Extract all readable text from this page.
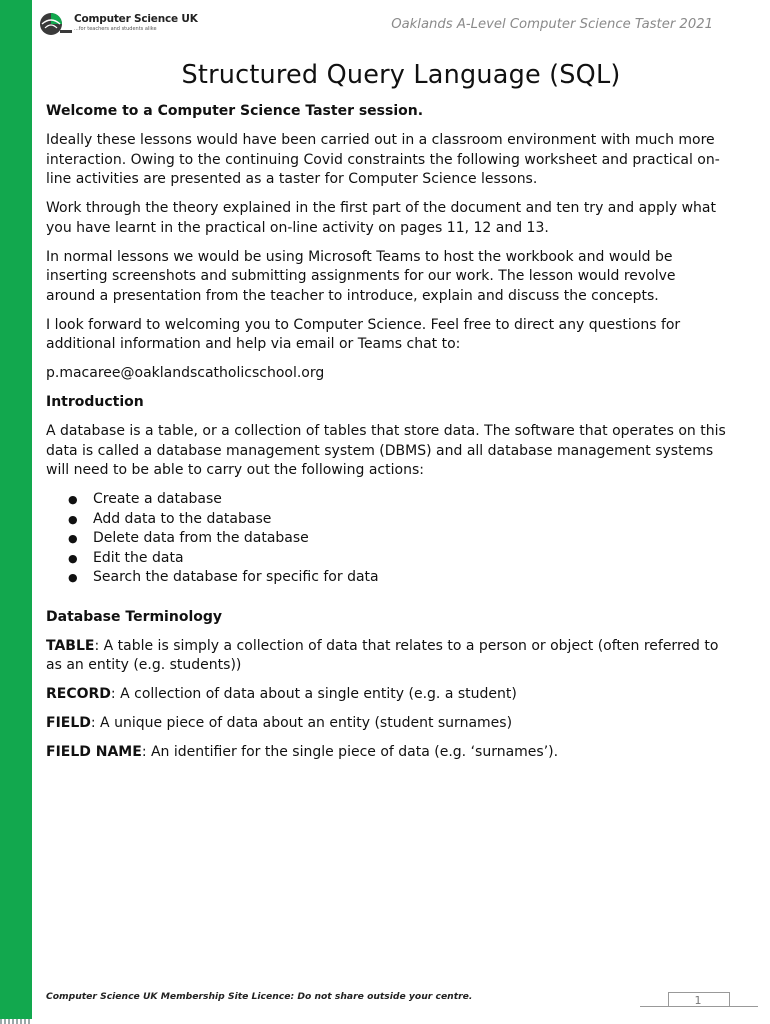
Computer Science UK
...for teachers and students alike	Oaklands A-Level Computer Science Taster 2021
Structured Query Language (SQL)

Welcome to a Computer Science Taster session.

Ideally these lessons would have been carried out in a classroom environment with much more interaction. Owing to the continuing Covid constraints the following worksheet and practical on-line activities are presented as a taster for Computer Science lessons.

Work through the theory explained in the first part of the document and ten try and apply what you have learnt in the practical on-line activity on pages 11, 12 and 13.

In normal lessons we would be using Microsoft Teams to host the workbook and would be inserting screenshots and submitting assignments for our work. The lesson would revolve around a presentation from the teacher to introduce, explain and discuss the concepts.

I look forward to welcoming you to Computer Science. Feel free to direct any questions for additional information and help via email or Teams chat to:

p.macaree@oaklandscatholicschool.org

Introduction

A database is a table, or a collection of tables that store data. The software that operates on this data is called a database management system (DBMS) and all database management systems will need to be able to carry out the following actions:

●	Create a database
●	Add data to the database
●	Delete data from the database
●	Edit the data
●	Search the database for specific for data
Database Terminology

TABLE: A table is simply a collection of data that relates to a person or object (often referred to as an entity (e.g. students))

RECORD: A collection of data about a single entity (e.g. a student)

FIELD: A unique piece of data about an entity (student surnames)

FIELD NAME: An identifier for the single piece of data (e.g. ‘surnames’).

Computer Science UK Membership Site Licence: Do not share outside your centre.	1
